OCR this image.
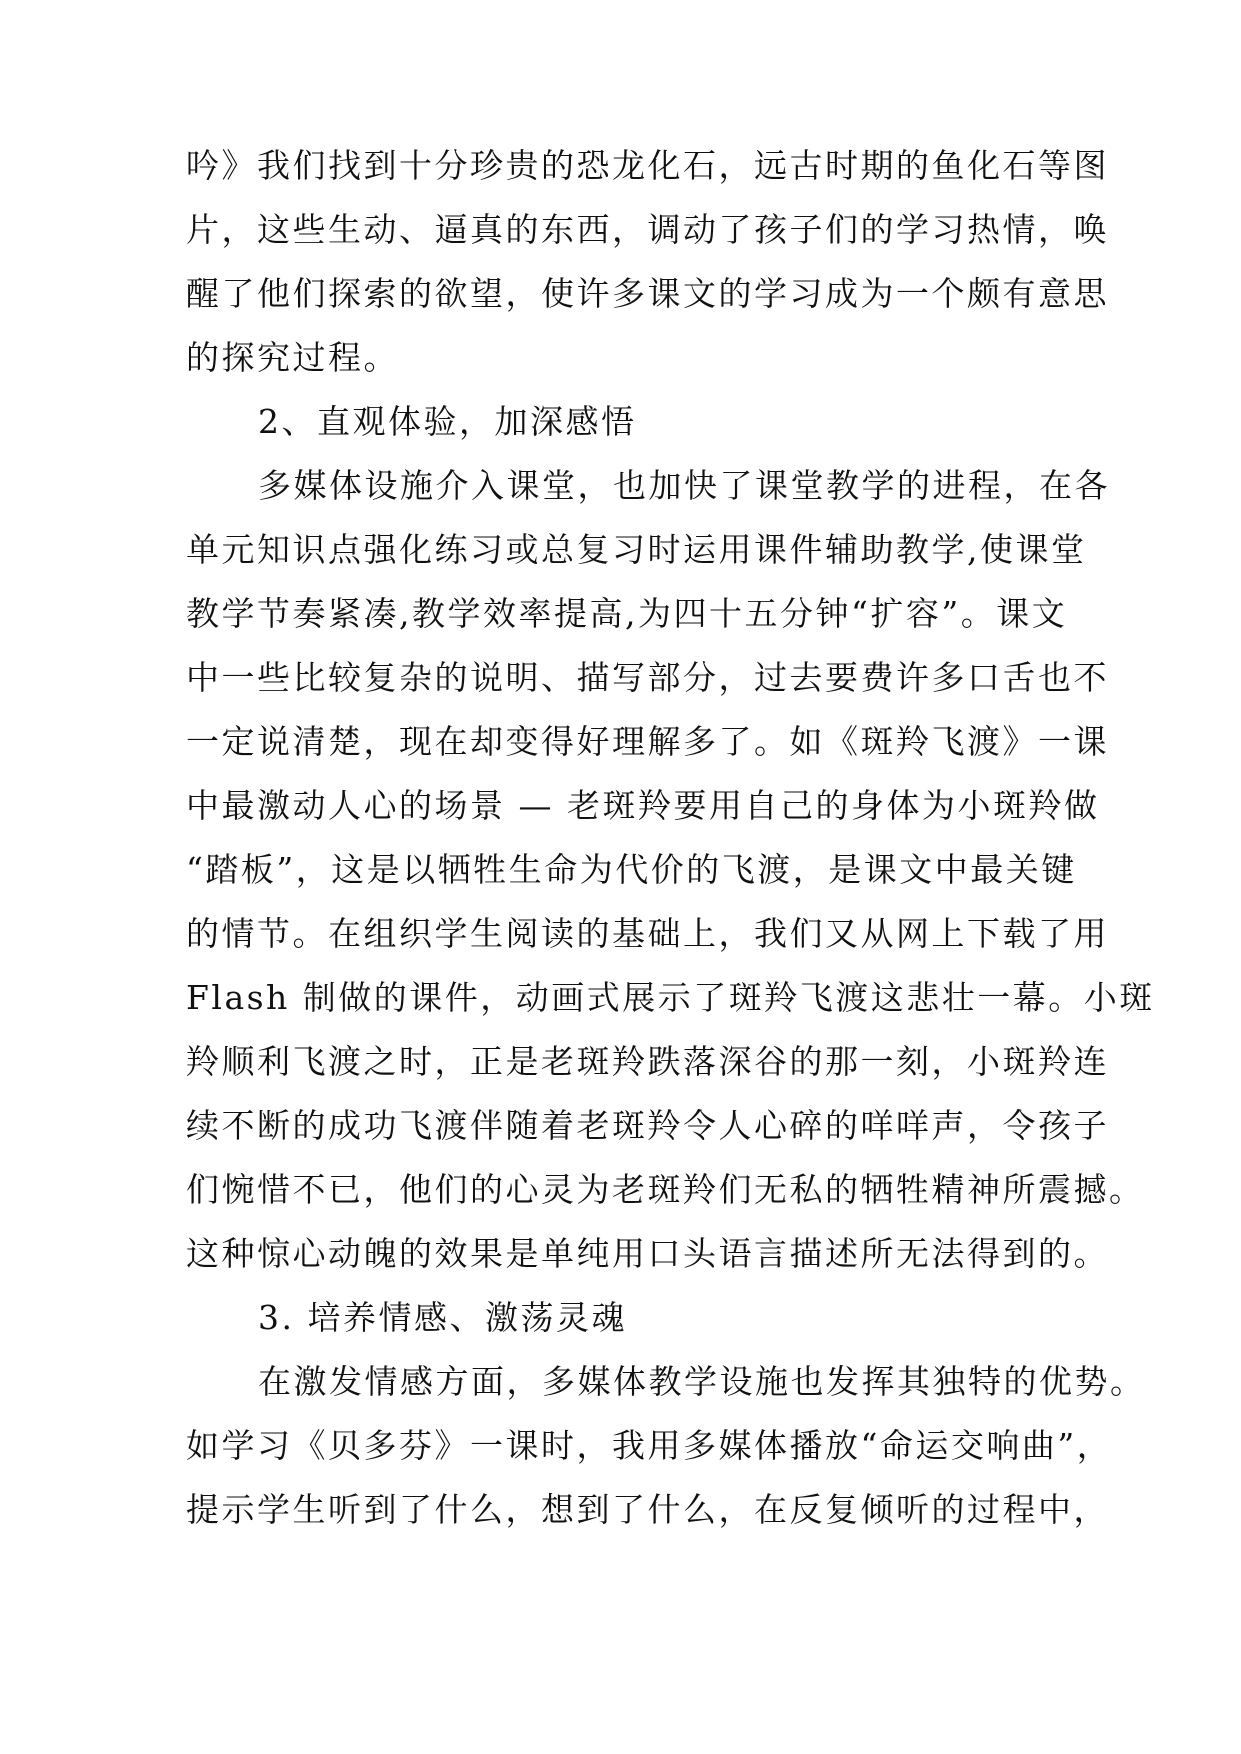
吟》我们找到十分珍贵的恐龙化石，远古时期的鱼化石等图
片，这些生动、逼真的东西，调动了孩子们的学习热情，唤
醒了他们探索的欲望，使许多课文的学习成为一个颇有意思
的探究过程。
2、直观体验，加深感悟
多媒体设施介入课堂，也加快了课堂教学的进程，在各
单元知识点强化练习或总复习时运用课件辅助教学,使课堂
教学节奏紧凑,教学效率提高,为四十五分钟“扩容”。课文
中一些比较复杂的说明、描写部分，过去要费许多口舌也不
一定说清楚，现在却变得好理解多了。如《斑羚飞渡》一课
中最激动人心的场景 — 老斑羚要用自己的身体为小斑羚做
“踏板”，这是以牺牲生命为代价的飞渡，是课文中最关键
的情节。在组织学生阅读的基础上，我们又从网上下载了用
Flash 制做的课件，动画式展示了斑羚飞渡这悲壮一幕。小斑
羚顺利飞渡之时，正是老斑羚跌落深谷的那一刻，小斑羚连
续不断的成功飞渡伴随着老斑羚令人心碎的咩咩声，令孩子
们惋惜不已，他们的心灵为老斑羚们无私的牺牲精神所震撼。
这种惊心动魄的效果是单纯用口头语言描述所无法得到的。
3. 培养情感、激荡灵魂
在激发情感方面，多媒体教学设施也发挥其独特的优势。
如学习《贝多芬》一课时，我用多媒体播放“命运交响曲”，
提示学生听到了什么，想到了什么，在反复倾听的过程中，
